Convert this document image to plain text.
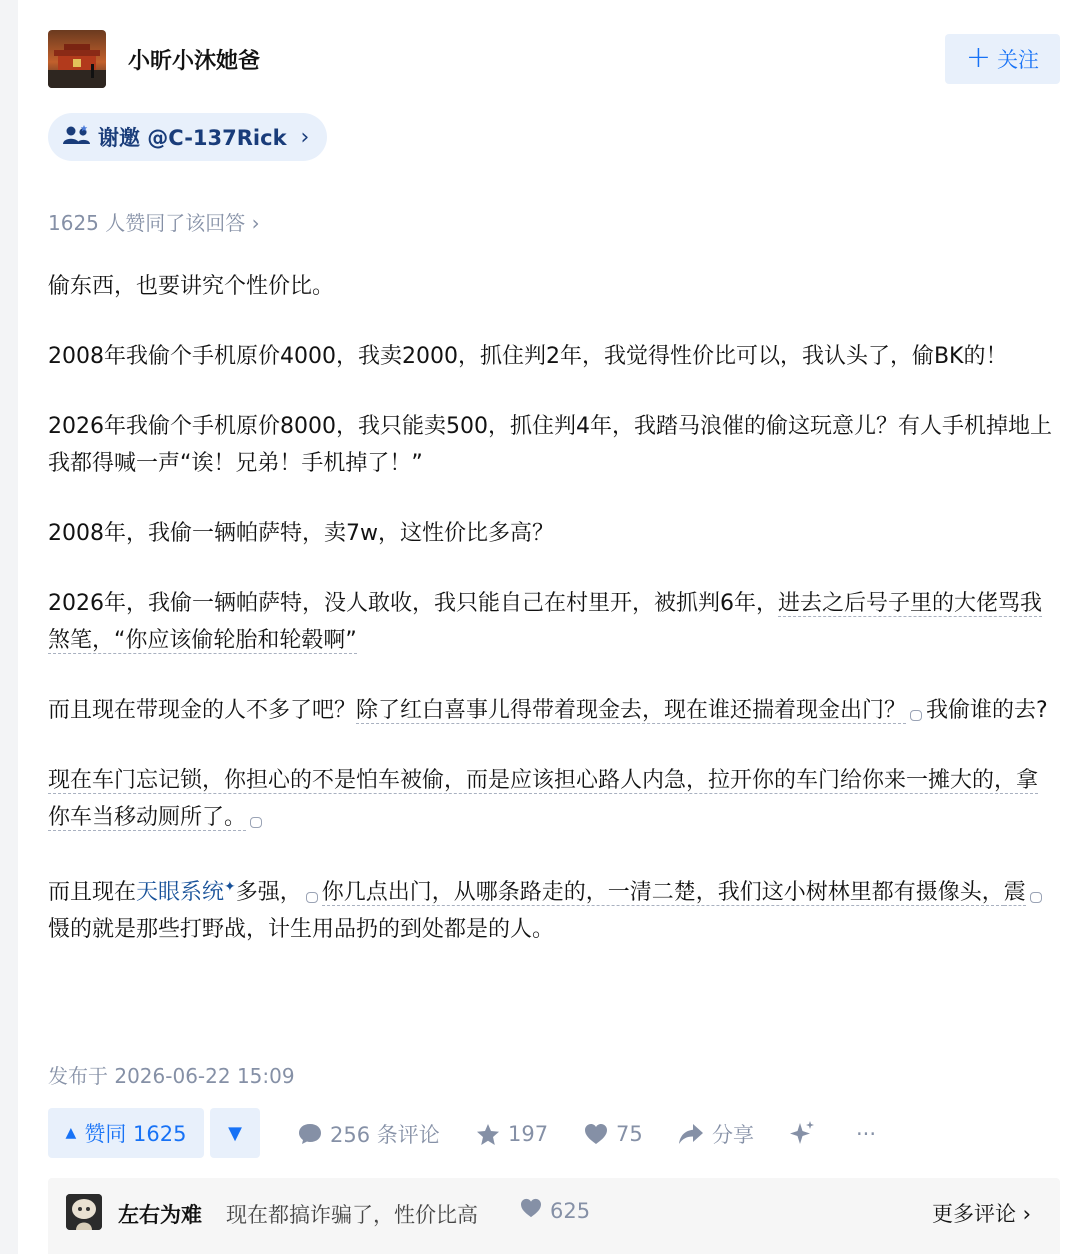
小昕小沐她爸	+ 关注
谢邀 @C-137Rick ›
1625 人赞同了该回答 ›

偷东西，也要讲究个性价比。

2008年我偷个手机原价4000，我卖2000，抓住判2年，我觉得性价比可以，我认头了，偷BK的！

2026年我偷个手机原价8000，我只能卖500，抓住判4年，我踏马浪催的偷这玩意儿？有人手机掉地上我都得喊一声“诶！兄弟！手机掉了！”

2008年，我偷一辆帕萨特，卖7w，这性价比多高？

2026年，我偷一辆帕萨特，没人敢收，我只能自己在村里开，被抓判6年，进去之后号子里的大佬骂我煞笔，“你应该偷轮胎和轮毂啊”

而且现在带现金的人不多了吧？除了红白喜事儿得带着现金去，现在谁还揣着现金出门？ 我偷谁的去?

现在车门忘记锁，你担心的不是怕车被偷，而是应该担心路人内急，拉开你的车门给你来一摊大的，拿你车当移动厕所了。

而且现在天眼系统✦多强， 你几点出门，从哪条路走的，一清二楚，我们这小树林里都有摄像头，震慑的就是那些打野战，计生用品扔的到处都是的人。

发布于 2026-06-22 15:09
▲ 赞同 1625 ▼	256 条评论	197	75	分享	···
左右为难 现在都搞诈骗了，性价比高	625	更多评论 ›
